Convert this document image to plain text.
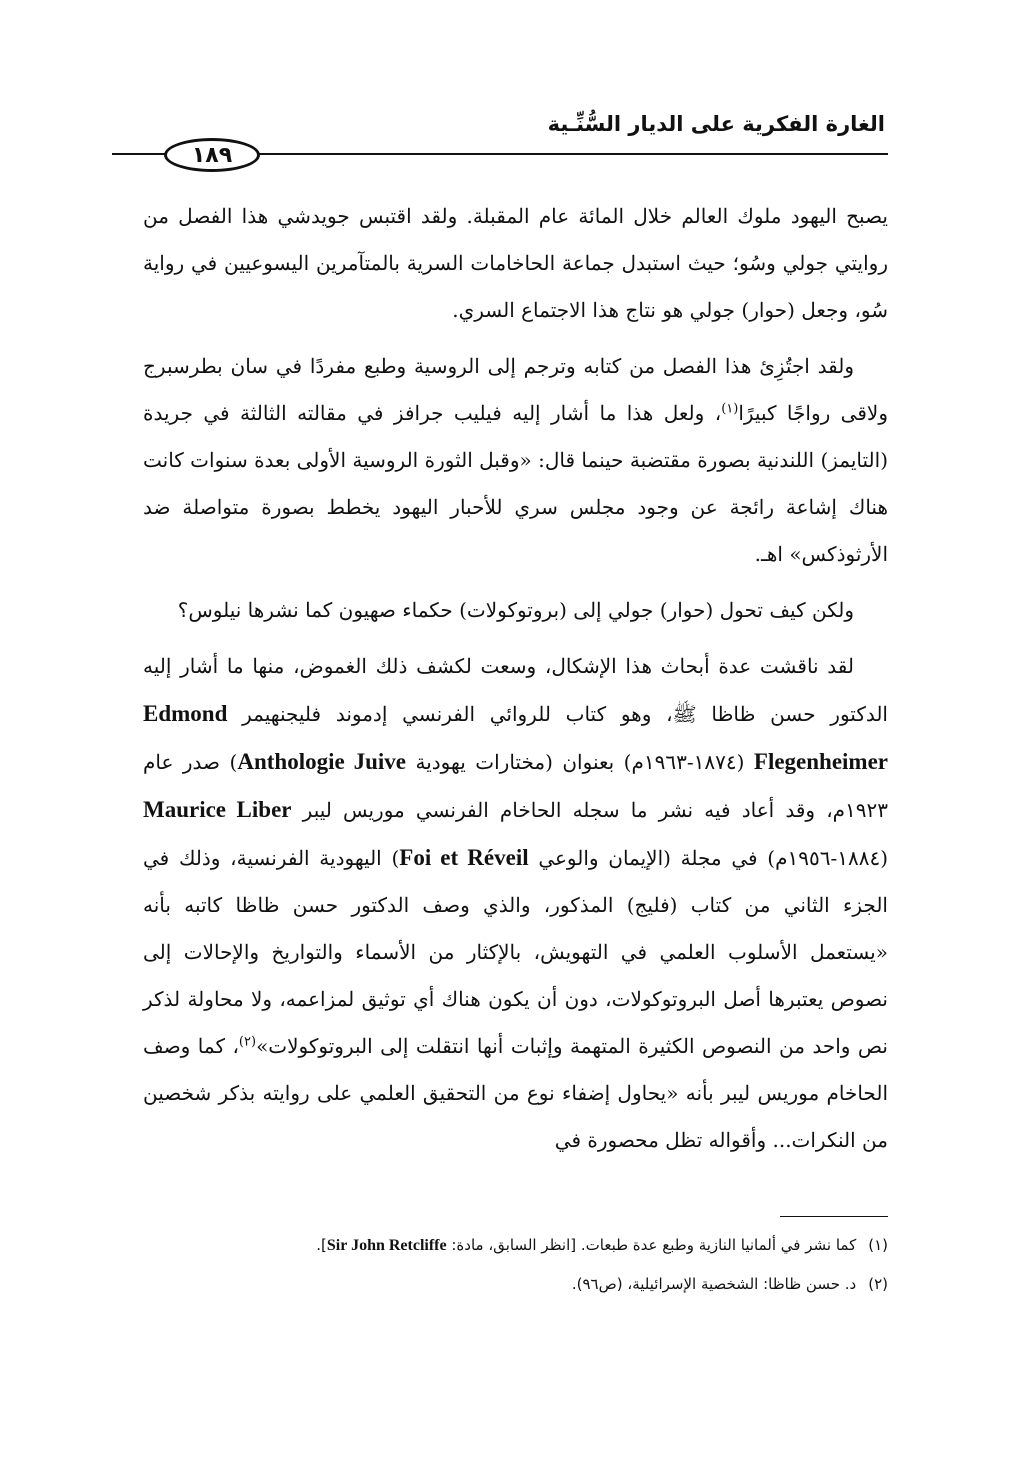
الغارة الفكرية على الديار السُّنِّـية
١٨٩

يصبح اليهود ملوك العالم خلال المائة عام المقبلة. ولقد اقتبس جويدشي هذا الفصل من روايتي جولي وسُو؛ حيث استبدل جماعة الحاخامات السرية بالمتآمرين اليسوعيين في رواية سُو، وجعل (حوار) جولي هو نتاج هذا الاجتماع السري.

ولقد اجتُزِئ هذا الفصل من كتابه وترجم إلى الروسية وطبع مفردًا في سان بطرسبرج ولاقى رواجًا كبيرًا$^{(١)}$، ولعل هذا ما أشار إليه فيليب جرافز في مقالته الثالثة في جريدة (التايمز) اللندنية بصورة مقتضبة حينما قال: «وقبل الثورة الروسية الأولى بعدة سنوات كانت هناك إشاعة رائجة عن وجود مجلس سري للأحبار اليهود يخطط بصورة متواصلة ضد الأرثوذكس» اهـ.

ولكن كيف تحول (حوار) جولي إلى (بروتوكولات) حكماء صهيون كما نشرها نيلوس؟

لقد ناقشت عدة أبحاث هذا الإشكال، وسعت لكشف ذلك الغموض، منها ما أشار إليه الدكتور حسن ظاظا ﷺ، وهو كتاب للروائي الفرنسي إدموند فليجنهيمر Edmond Flegenheimer (١٨٧٤-١٩٦٣م) بعنوان (مختارات يهودية Anthologie Juive) صدر عام ١٩٢٣م، وقد أعاد فيه نشر ما سجله الحاخام الفرنسي موريس ليبر Maurice Liber (١٨٨٤-١٩٥٦م) في مجلة (الإيمان والوعي Foi et Réveil) اليهودية الفرنسية، وذلك في الجزء الثاني من كتاب (فليج) المذكور، والذي وصف الدكتور حسن ظاظا كاتبه بأنه «يستعمل الأسلوب العلمي في التهويش، بالإكثار من الأسماء والتواريخ والإحالات إلى نصوص يعتبرها أصل البروتوكولات، دون أن يكون هناك أي توثيق لمزاعمه، ولا محاولة لذكر نص واحد من النصوص الكثيرة المتهمة وإثبات أنها انتقلت إلى البروتوكولات»$^{(٢)}$، كما وصف الحاخام موريس ليبر بأنه «يحاول إضفاء نوع من التحقيق العلمي على روايته بذكر شخصين من النكرات... وأقواله تظل محصورة في

(١)كما نشر في ألمانيا النازية وطبع عدة طبعات. [انظر السابق، مادة: Sir John Retcliffe].
(٢)د. حسن ظاظا: الشخصية الإسرائيلية، (ص٩٦).
